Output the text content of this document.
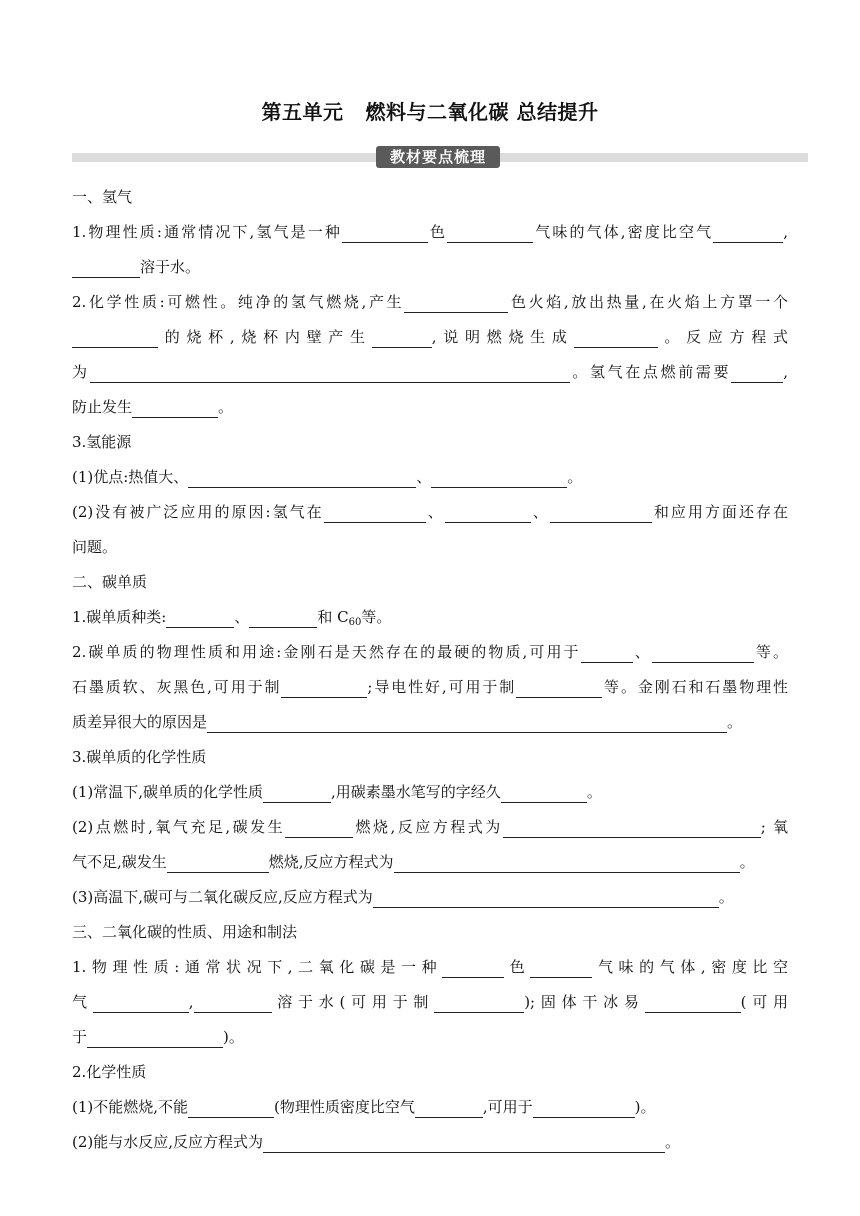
第五单元 燃料与二氧化碳 总结提升
教材要点梳理
一、氢气
1.物理性质:通常情况下,氢气是一种	色	气味的气体,密度比空气	,
溶于水。
2.化学性质:可燃性。纯净的氢气燃烧,产生	色火焰,放出热量,在火焰上方罩一个
的烧杯,烧杯内壁产生	,说明燃烧生成	。反应方程式
为	。氢气在点燃前需要	,
防止发生	。
3.氢能源
(1)优点:热值大、	、	。
(2)没有被广泛应用的原因:氢气在	、	、	和应用方面还存在
问题。
二、碳单质
1.碳单质种类:	、	和 $C_{60}$等。
2.碳单质的物理性质和用途:金刚石是天然存在的最硬的物质,可用于	、	等。
石墨质软、灰黑色,可用于制	;导电性好,可用于制	等。金刚石和石墨物理性
质差异很大的原因是	。
3.碳单质的化学性质
(1)常温下,碳单质的化学性质	,用碳素墨水笔写的字经久	。
(2)点燃时,氧气充足,碳发生	燃烧,反应方程式为	; 氧
气不足,碳发生	燃烧,反应方程式为	。
(3)高温下,碳可与二氧化碳反应,反应方程式为	。
三、二氧化碳的性质、用途和制法
1.物理性质:通常状况下,二氧化碳是一种	色	气味的气体,密度比空
气	,	溶于水(可用于制	);固体干冰易	(可用
于	)。
2.化学性质
(1)不能燃烧,不能	(物理性质密度比空气	,可用于	)。
(2)能与水反应,反应方程式为	。
